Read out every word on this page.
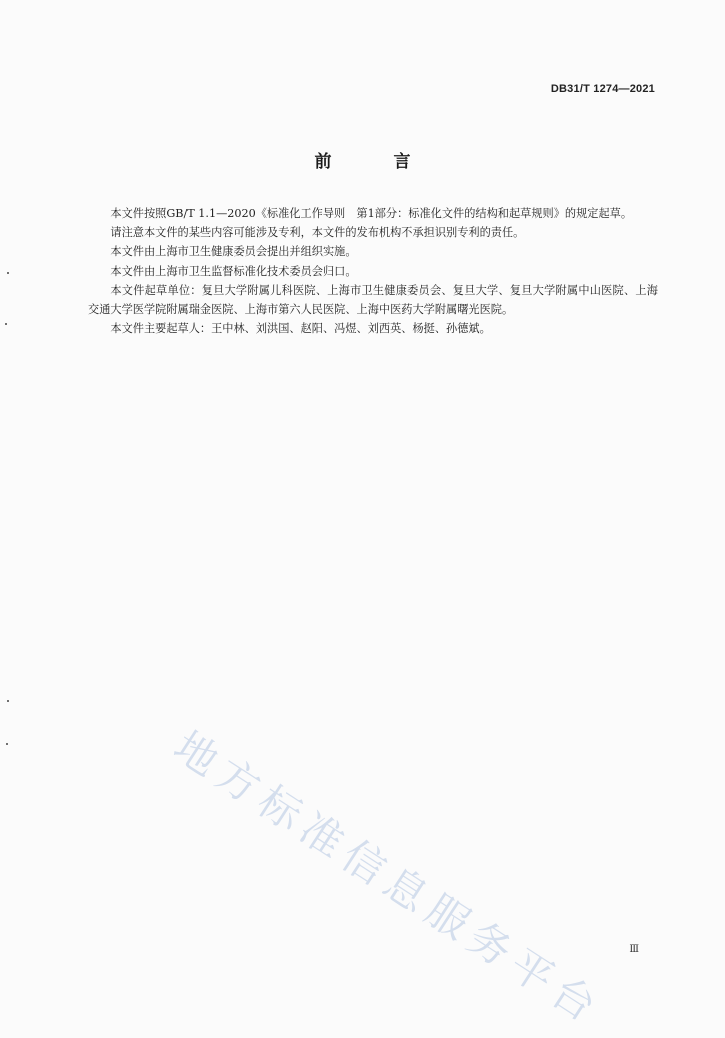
DB31/T 1274—2021
前 言

本文件按照GB/T 1.1—2020《标准化工作导则　第1部分：标准化文件的结构和起草规则》的规定起草。

请注意本文件的某些内容可能涉及专利，本文件的发布机构不承担识别专利的责任。

本文件由上海市卫生健康委员会提出并组织实施。

本文件由上海市卫生监督标准化技术委员会归口。

本文件起草单位：复旦大学附属儿科医院、上海市卫生健康委员会、复旦大学、复旦大学附属中山医院、上海交通大学医学院附属瑞金医院、上海市第六人民医院、上海中医药大学附属曙光医院。

本文件主要起草人：王中林、刘洪国、赵阳、冯煜、刘西英、杨挺、孙德斌。

地方标准信息服务平台	Ⅲ
